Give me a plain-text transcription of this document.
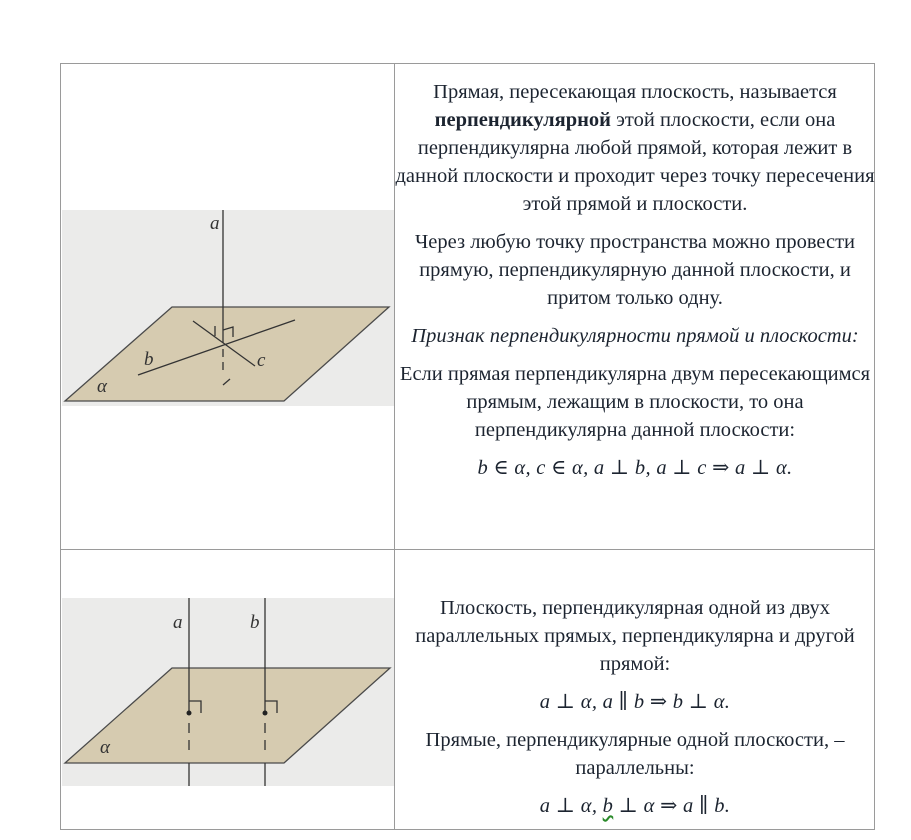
a
b	c
α

Прямая, пересекающая плоскость, называется перпендикулярной этой плоскости, если она перпендикулярна любой прямой, которая лежит в данной плоскости и проходит через точку пересечения этой прямой и плоскости.

Через любую точку пространства можно провести прямую, перпендикулярную данной плоскости, и притом только одну.

Признак перпендикулярности прямой и плоскости:

Если прямая перпендикулярна двум пересекающимся прямым, лежащим в плоскости, то она перпендикулярна данной плоскости:

b ∈ α, c ∈ α, a ⊥ b, a ⊥ c ⇒ a ⊥ α.

a	b
α

Плоскость, перпендикулярная одной из двух параллельных прямых, перпендикулярна и другой прямой:

a ⊥ α, a ∥ b ⇒ b ⊥ α.

Прямые, перпендикулярные одной плоскости, – параллельны:

a ⊥ α, b ⊥ α ⇒ a ∥ b.
